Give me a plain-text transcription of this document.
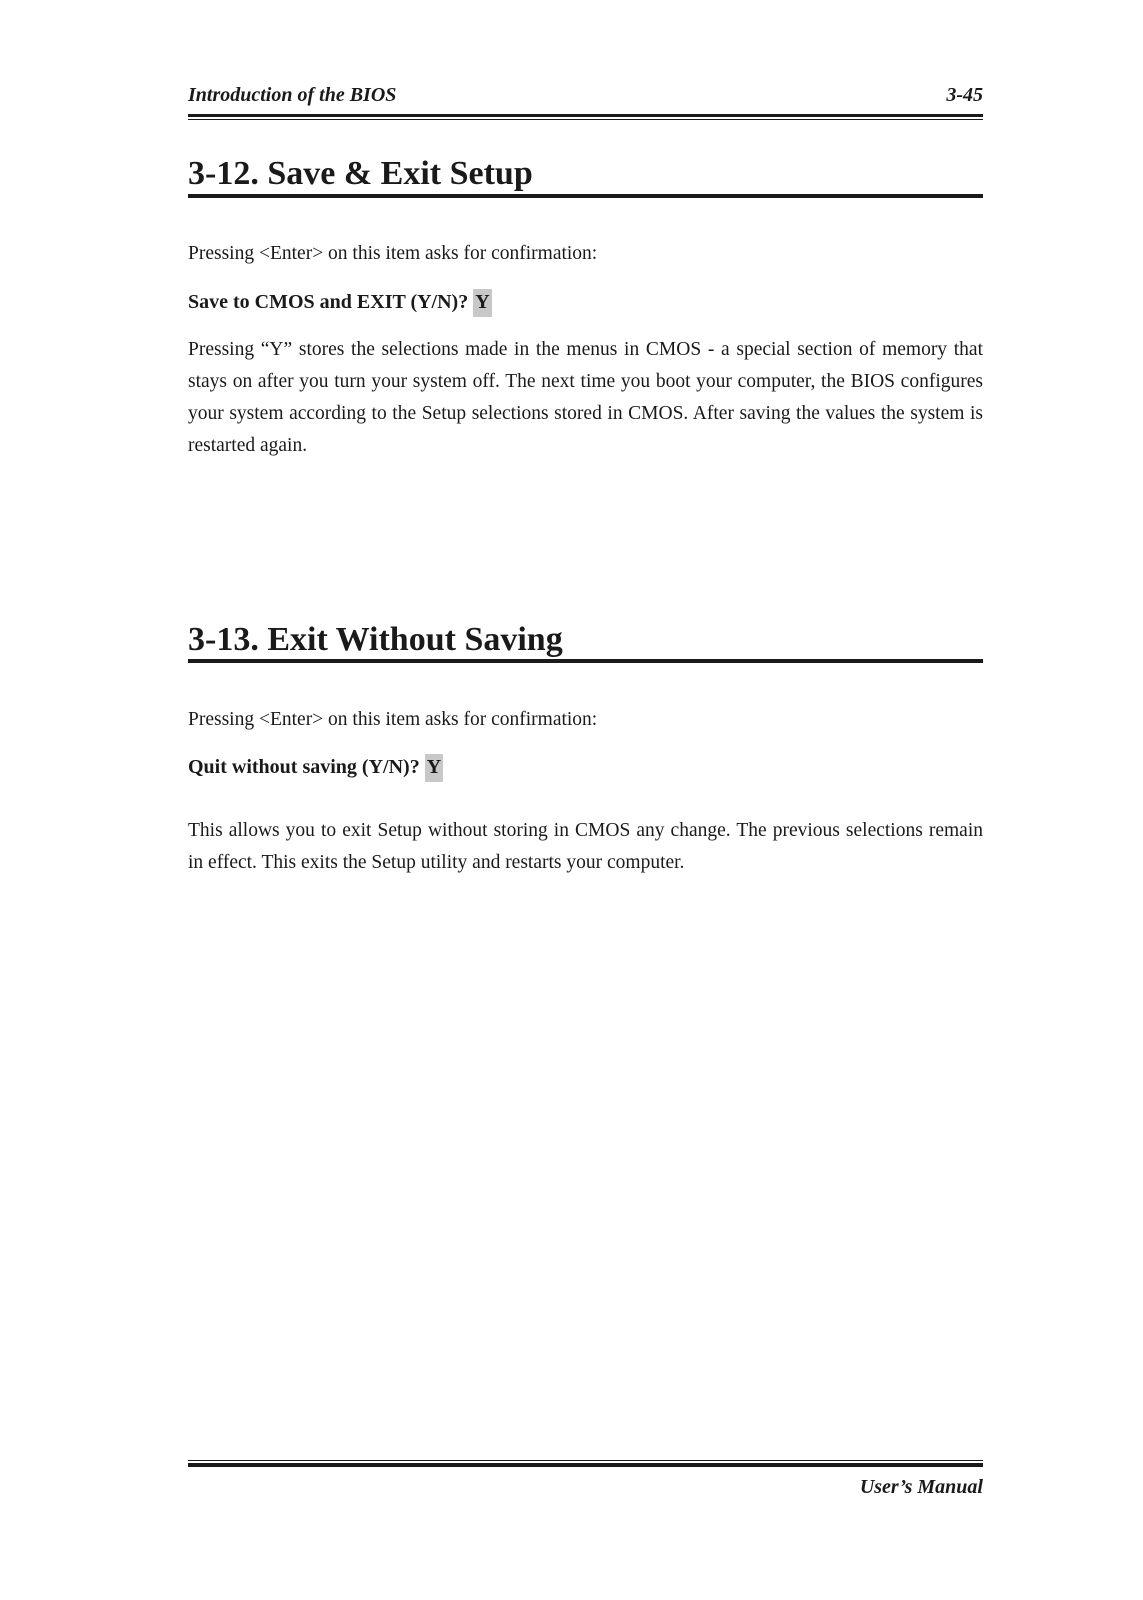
Introduction of the BIOS	3-45
3-12. Save & Exit Setup
Pressing <Enter> on this item asks for confirmation:
Save to CMOS and EXIT (Y/N)? Y
Pressing “Y” stores the selections made in the menus in CMOS - a special section of memory that stays on after you turn your system off. The next time you boot your computer, the BIOS configures your system according to the Setup selections stored in CMOS. After saving the values the system is restarted again.
3-13. Exit Without Saving
Pressing <Enter> on this item asks for confirmation:
Quit without saving (Y/N)? Y
This allows you to exit Setup without storing in CMOS any change. The previous selections remain in effect. This exits the Setup utility and restarts your computer.
User’s Manual
